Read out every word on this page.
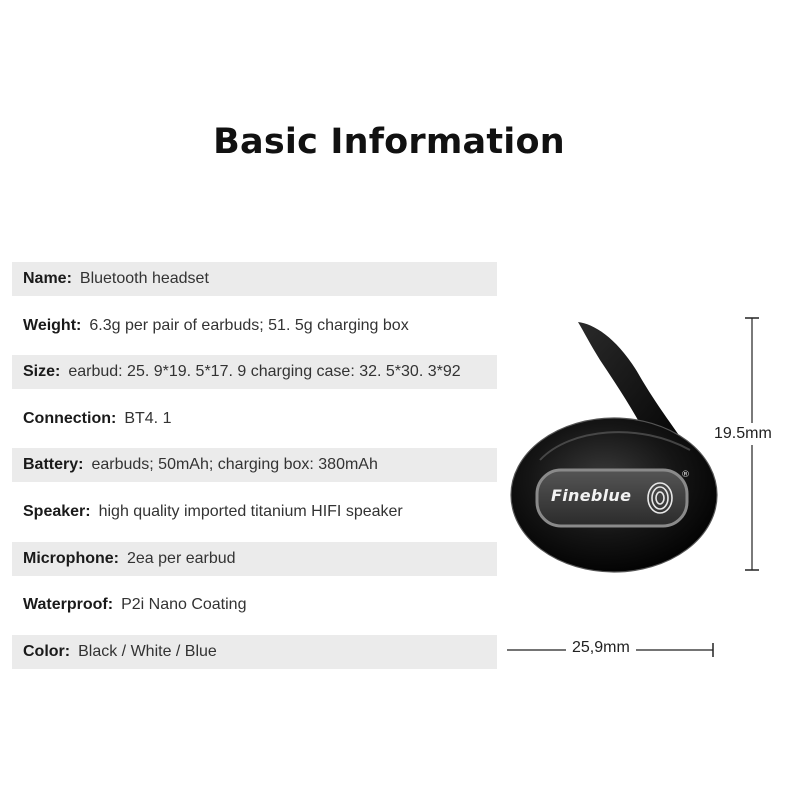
Basic Information
Name: Bluetooth headset
Weight: 6.3g per pair of earbuds; 51. 5g charging box
Size: earbud: 25. 9*19. 5*17. 9 charging case: 32. 5*30. 3*92
Connection: BT4. 1
Battery: earbuds; 50mAh; charging box: 380mAh
Speaker: high quality imported titanium HIFI speaker
Microphone: 2ea per earbud
Waterproof: P2i Nano Coating
Color: Black / White / Blue
Fineblue
®
19.5mm
25,9mm
